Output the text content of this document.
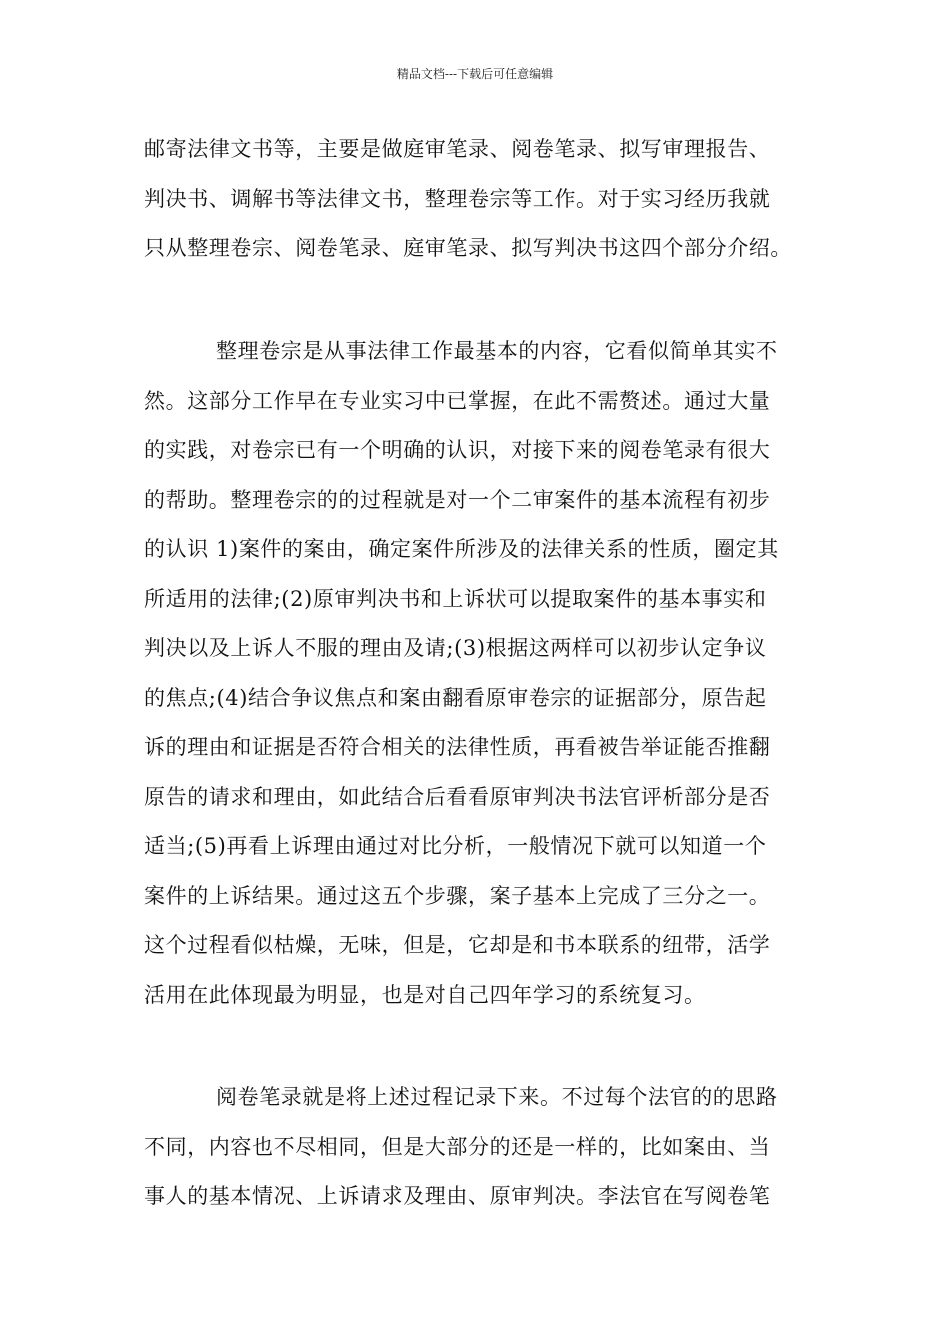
精品文档---下载后可任意编辑
邮寄法律文书等，主要是做庭审笔录、阅卷笔录、拟写审理报告、
判决书、调解书等法律文书，整理卷宗等工作。对于实习经历我就
只从整理卷宗、阅卷笔录、庭审笔录、拟写判决书这四个部分介绍。
整理卷宗是从事法律工作最基本的内容，它看似简单其实不
然。这部分工作早在专业实习中已掌握，在此不需赘述。通过大量
的实践，对卷宗已有一个明确的认识，对接下来的阅卷笔录有很大
的帮助。整理卷宗的的过程就是对一个二审案件的基本流程有初步
的认识 1)案件的案由，确定案件所涉及的法律关系的性质，圈定其
所适用的法律;(2)原审判决书和上诉状可以提取案件的基本事实和
判决以及上诉人不服的理由及请;(3)根据这两样可以初步认定争议
的焦点;(4)结合争议焦点和案由翻看原审卷宗的证据部分，原告起
诉的理由和证据是否符合相关的法律性质，再看被告举证能否推翻
原告的请求和理由，如此结合后看看原审判决书法官评析部分是否
适当;(5)再看上诉理由通过对比分析，一般情况下就可以知道一个
案件的上诉结果。通过这五个步骤，案子基本上完成了三分之一。
这个过程看似枯燥，无味，但是，它却是和书本联系的纽带，活学
活用在此体现最为明显，也是对自己四年学习的系统复习。
阅卷笔录就是将上述过程记录下来。不过每个法官的的思路
不同，内容也不尽相同，但是大部分的还是一样的，比如案由、当
事人的基本情况、上诉请求及理由、原审判决。李法官在写阅卷笔
